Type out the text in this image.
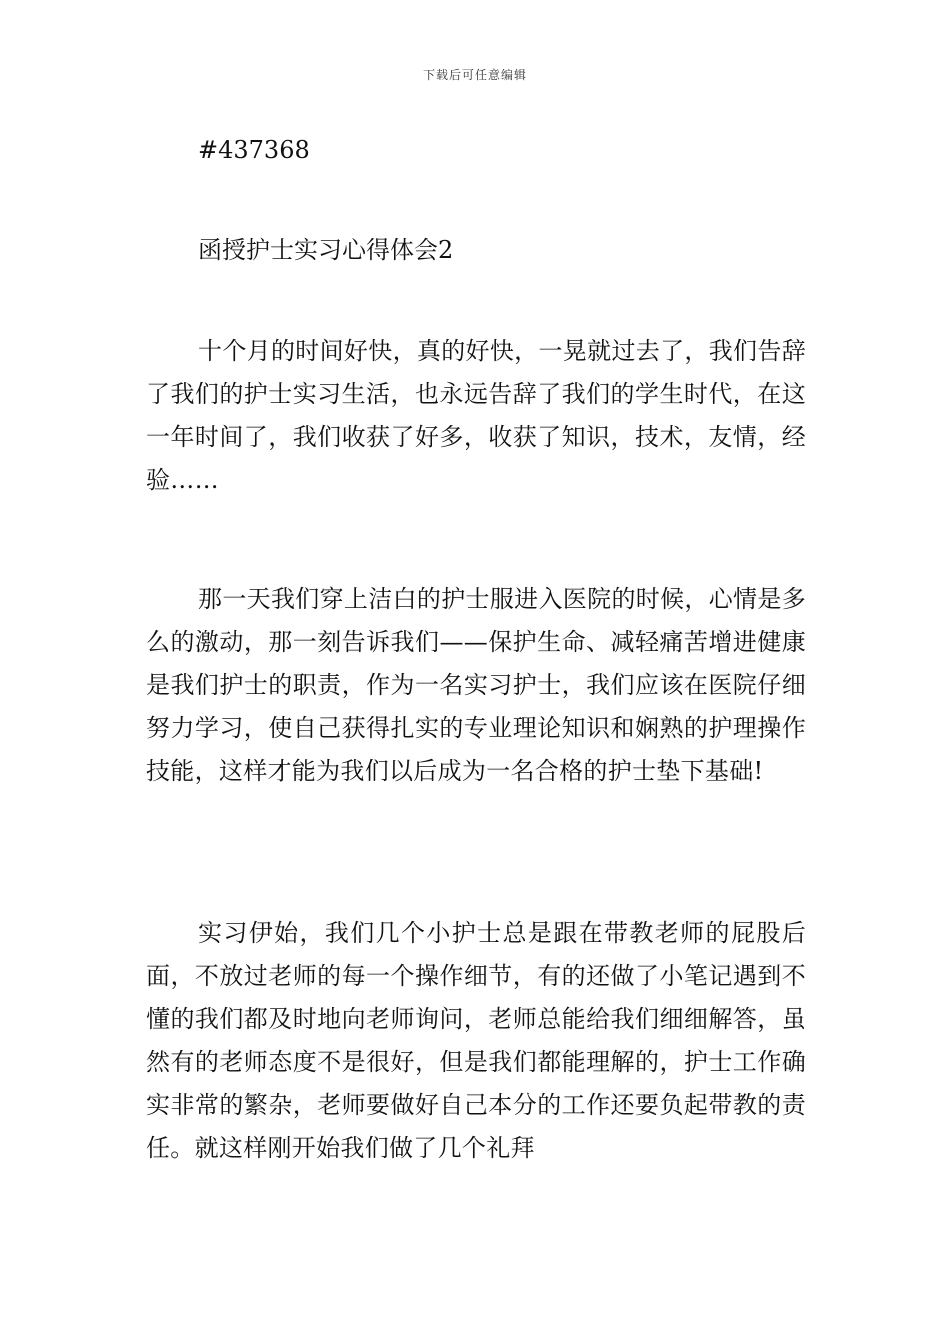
下载后可任意编辑
#437368
函授护士实习心得体会2

十个月的时间好快，真的好快，一晃就过去了，我们告辞了我们的护士实习生活，也永远告辞了我们的学生时代，在这一年时间了，我们收获了好多，收获了知识，技术，友情，经验……

那一天我们穿上洁白的护士服进入医院的时候，心情是多么的激动，那一刻告诉我们——保护生命、减轻痛苦增进健康是我们护士的职责，作为一名实习护士，我们应该在医院仔细努力学习，使自己获得扎实的专业理论知识和娴熟的护理操作技能，这样才能为我们以后成为一名合格的护士垫下基础!

实习伊始，我们几个小护士总是跟在带教老师的屁股后面，不放过老师的每一个操作细节，有的还做了小笔记遇到不懂的我们都及时地向老师询问，老师总能给我们细细解答，虽然有的老师态度不是很好，但是我们都能理解的，护士工作确实非常的繁杂，老师要做好自己本分的工作还要负起带教的责任。就这样刚开始我们做了几个礼拜
